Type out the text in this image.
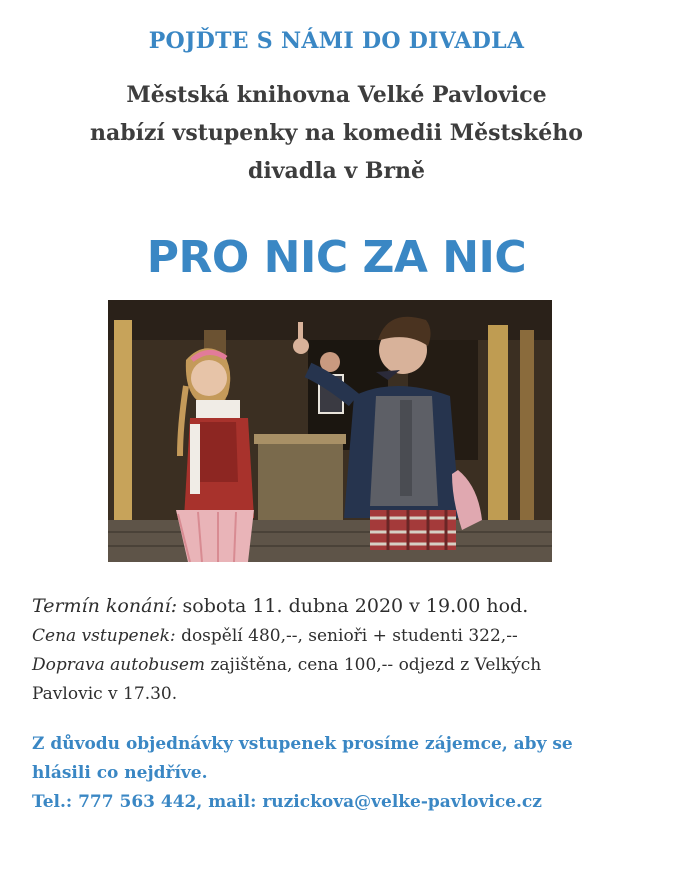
POJĎTE S NÁMI DO DIVADLA
Městská knihovna Velké Pavlovice
nabízí vstupenky na komedii Městského
divadla v Brně
PRO NIC ZA NIC

Termín konání: sobota 11. dubna 2020 v 19.00 hod.

Cena vstupenek: dospělí 480,--, senioři + studenti 322,--

Doprava autobusem zajištěna, cena 100,-- odjezd z Velkých

Pavlovic v 17.30.

Z důvodu objednávky vstupenek prosíme zájemce, aby se

hlásili co nejdříve.

Tel.: 777 563 442, mail: ruzickova@velke-pavlovice.cz
